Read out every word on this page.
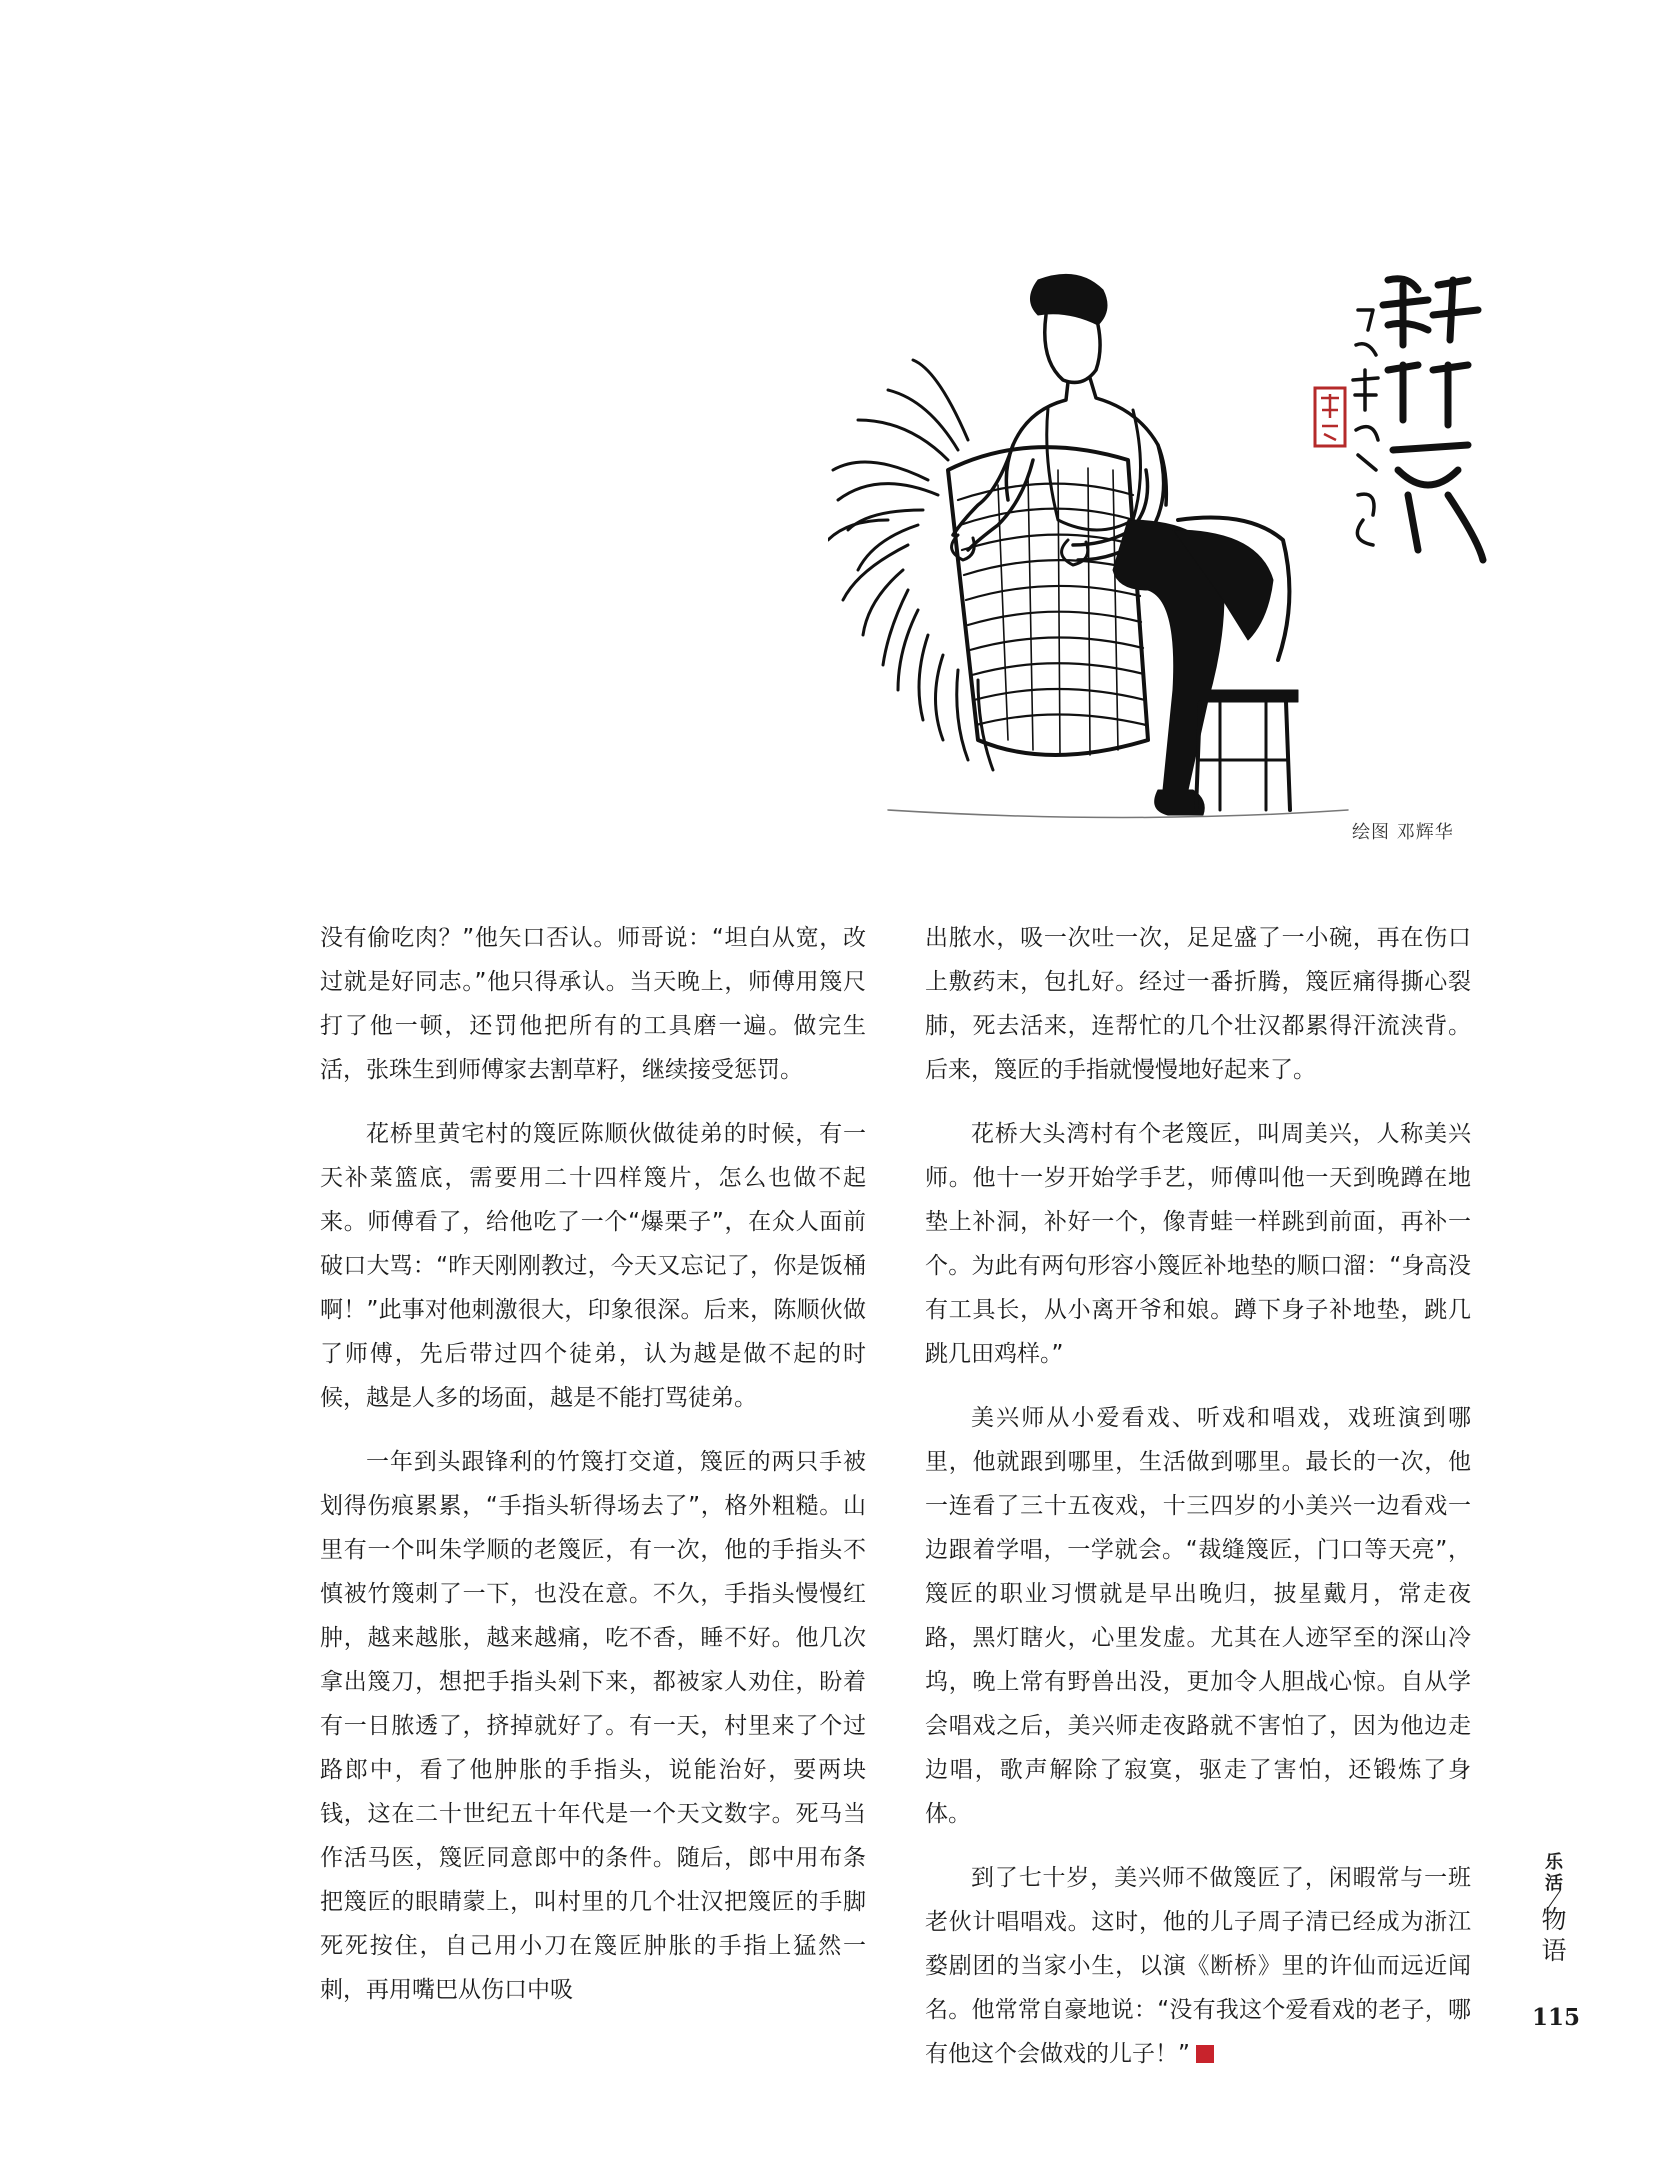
绘图 邓辉华

没有偷吃肉？”他矢口否认。师哥说：“坦白从宽，改过就是好同志。”他只得承认。当天晚上，师傅用篾尺打了他一顿，还罚他把所有的工具磨一遍。做完生活，张珠生到师傅家去割草籽，继续接受惩罚。

花桥里黄宅村的篾匠陈顺伙做徒弟的时候，有一天补菜篮底，需要用二十四样篾片，怎么也做不起来。师傅看了，给他吃了一个“爆栗子”，在众人面前破口大骂：“昨天刚刚教过，今天又忘记了，你是饭桶啊！”此事对他刺激很大，印象很深。后来，陈顺伙做了师傅，先后带过四个徒弟，认为越是做不起的时候，越是人多的场面，越是不能打骂徒弟。

一年到头跟锋利的竹篾打交道，篾匠的两只手被划得伤痕累累，“手指头斩得场去了”，格外粗糙。山里有一个叫朱学顺的老篾匠，有一次，他的手指头不慎被竹篾刺了一下，也没在意。不久，手指头慢慢红肿，越来越胀，越来越痛，吃不香，睡不好。他几次拿出篾刀，想把手指头剁下来，都被家人劝住，盼着有一日脓透了，挤掉就好了。有一天，村里来了个过路郎中，看了他肿胀的手指头，说能治好，要两块钱，这在二十世纪五十年代是一个天文数字。死马当作活马医，篾匠同意郎中的条件。随后，郎中用布条把篾匠的眼睛蒙上，叫村里的几个壮汉把篾匠的手脚死死按住，自己用小刀在篾匠肿胀的手指上猛然一刺，再用嘴巴从伤口中吸

出脓水，吸一次吐一次，足足盛了一小碗，再在伤口上敷药末，包扎好。经过一番折腾，篾匠痛得撕心裂肺，死去活来，连帮忙的几个壮汉都累得汗流浃背。后来，篾匠的手指就慢慢地好起来了。

花桥大头湾村有个老篾匠，叫周美兴，人称美兴师。他十一岁开始学手艺，师傅叫他一天到晚蹲在地垫上补洞，补好一个，像青蛙一样跳到前面，再补一个。为此有两句形容小篾匠补地垫的顺口溜：“身高没有工具长，从小离开爷和娘。蹲下身子补地垫，跳几跳几田鸡样。”

美兴师从小爱看戏、听戏和唱戏，戏班演到哪里，他就跟到哪里，生活做到哪里。最长的一次，他一连看了三十五夜戏，十三四岁的小美兴一边看戏一边跟着学唱，一学就会。“裁缝篾匠，门口等天亮”，篾匠的职业习惯就是早出晚归，披星戴月，常走夜路，黑灯瞎火，心里发虚。尤其在人迹罕至的深山冷坞，晚上常有野兽出没，更加令人胆战心惊。自从学会唱戏之后，美兴师走夜路就不害怕了，因为他边走边唱，歌声解除了寂寞，驱走了害怕，还锻炼了身体。

到了七十岁，美兴师不做篾匠了，闲暇常与一班老伙计唱唱戏。这时，他的儿子周子清已经成为浙江婺剧团的当家小生，以演《断桥》里的许仙而远近闻名。他常常自豪地说：“没有我这个爱看戏的老子，哪有他这个会做戏的儿子！”

乐
活
物
语
115
